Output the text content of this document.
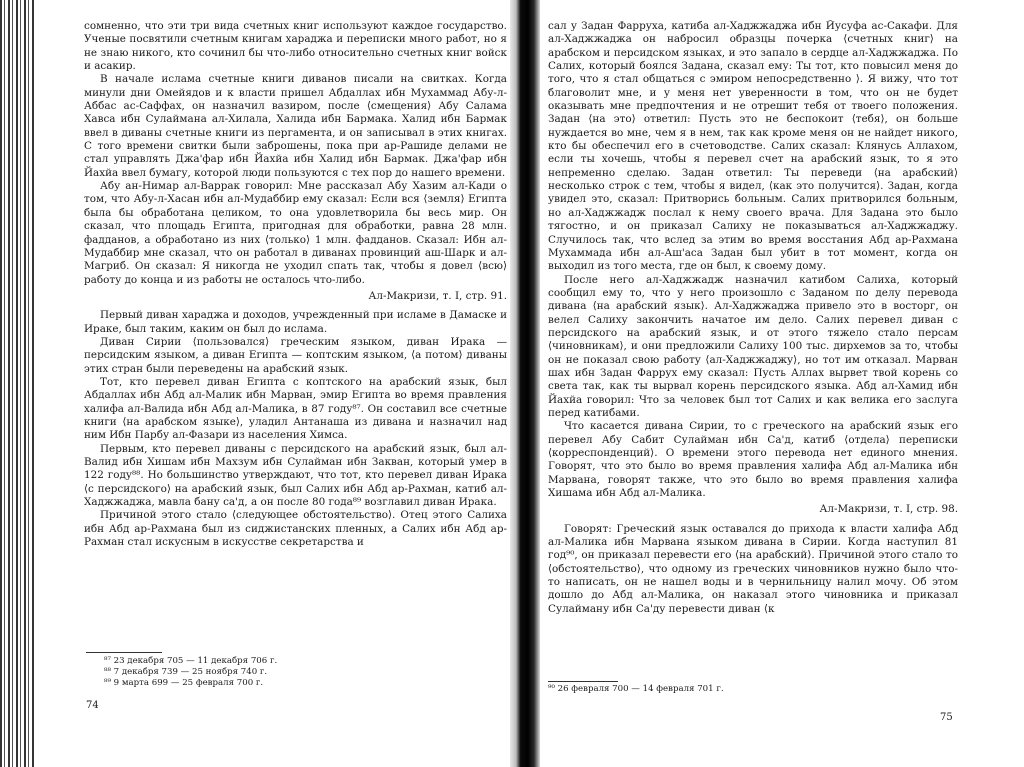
сомненно, что эти три вида счетных книг используют каждое государство. Ученые посвятили счетным книгам хараджа и переписки много работ, но я не знаю никого, кто сочинил бы что-либо относительно счетных книг войск и асакир.

В начале ислама счетные книги диванов писали на свитках. Когда минули дни Омейядов и к власти пришел Абдаллах ибн Мухаммад Абу-л-Аббас ас-Саффах, он назначил вазиром, после ⟨смещения⟩ Абу Салама Хавса ибн Сулаймана ал-Хилала, Халида ибн Бармака. Халид ибн Бармак ввел в диваны счетные книги из пергамента, и он записывал в этих книгах. С того времени свитки были заброшены, пока при ар-Рашиде делами не стал управлять Джа'фар ибн Йахйа ибн Халид ибн Бармак. Джа'фар ибн Йахйа ввел бумагу, которой люди пользуются с тех пор до нашего времени.

Абу ан-Нимар ал-Варрак говорил: Мне рассказал Абу Хазим ал-Кади о том, что Абу-л-Хасан ибн ал-Мудаббир ему сказал: Если вся ⟨земля⟩ Египта была бы обработана целиком, то она удовлетворила бы весь мир. Он сказал, что площадь Египта, пригодная для обработки, равна 28 млн. фадданов, а обработано из них ⟨только⟩ 1 млн. фадданов. Сказал: Ибн ал-Мудаббир мне сказал, что он работал в диванах провинций аш-Шарк и ал-Магриб. Он сказал: Я никогда не уходил спать так, чтобы я довел ⟨всю⟩ работу до конца и из работы не осталось что-либо.

Ал-Макризи, т. I, стр. 91.

Первый диван хараджа и доходов, учрежденный при исламе в Дамаске и Ираке, был таким, каким он был до ислама.

Диван Сирии ⟨пользовался⟩ греческим языком, диван Ирака — персидским языком, а диван Египта — коптским языком, ⟨а потом⟩ диваны этих стран были переведены на арабский язык.

Тот, кто перевел диван Египта с коптского на арабский язык, был Абдаллах ибн Абд ал-Малик ибн Марван, эмир Египта во время правления халифа ал-Валида ибн Абд ал-Малика, в 87 году⁸⁷. Он составил все счетные книги ⟨на арабском языке⟩, уладил Антанаша из дивана и назначил над ним Ибн Парбу ал-Фазари из населения Химса.

Первым, кто перевел диваны с персидского на арабский язык, был ал-Валид ибн Хишам ибн Махзум ибн Сулайман ибн Закван, который умер в 122 году⁸⁸. Но большинство утверждают, что тот, кто перевел диван Ирака ⟨с персидского⟩ на арабский язык, был Салих ибн Абд ар-Рахман, катиб ал-Хаджжаджа, мавла бану са'д, а он после 80 года⁸⁹ возглавил диван Ирака.

Причиной этого стало ⟨следующее обстоятельство⟩. Отец этого Салиха ибн Абд ар-Рахмана был из сиджистанских пленных, а Салих ибн Абд ар-Рахман стал искусным в искусстве секретарства и

⁸⁷ 23 декабря 705 — 11 декабря 706 г.
⁸⁸ 7 декабря 739 — 25 ноября 740 г.
⁸⁹ 9 марта 699 — 25 февраля 700 г.
74

сал у Задан Фарруха, катиба ал-Хаджжаджа ибн Йусуфа ас-Сакафи. Для ал-Хаджжаджа он набросил образцы почерка ⟨счетных книг⟩ на арабском и персидском языках, и это запало в сердце ал-Хаджжаджа. По Салих, который боялся Задана, сказал ему: Ты тот, кто повысил меня до того, что я стал общаться с эмиром непосредственно ⟩. Я вижу, что тот благоволит мне, и у меня нет уверенности в том, что он не будет оказывать мне предпочтения и не отрешит тебя от твоего положения. Задан ⟨на это⟩ ответил: Пусть это не беспокоит ⟨тебя⟩, он больше нуждается во мне, чем я в нем, так как кроме меня он не найдет никого, кто бы обеспечил его в счетоводстве. Салих сказал: Клянусь Аллахом, если ты хочешь, чтобы я перевел счет на арабский язык, то я это непременно сделаю. Задан ответил: Ты переведи ⟨на арабский⟩ несколько строк с тем, чтобы я видел, ⟨как это получится⟩. Задан, когда увидел это, сказал: Притворись больным. Салих притворился больным, но ал-Хаджжадж послал к нему своего врача. Для Задана это было тягостно, и он приказал Салиху не показываться ал-Хаджжаджу. Случилось так, что вслед за этим во время восстания Абд ар-Рахмана Мухаммада ибн ал-Аш'аса Задан был убит в тот момент, когда он выходил из того места, где он был, к своему дому.

После него ал-Хаджжадж назначил катибом Салиха, который сообщил ему то, что у него произошло с Заданом по делу перевода дивана ⟨на арабский язык⟩. Ал-Хаджжаджа привело это в восторг, он велел Салиху закончить начатое им дело. Салих перевел диван с персидского на арабский язык, и от этого тяжело стало персам ⟨чиновникам⟩, и они предложили Салиху 100 тыс. дирхемов за то, чтобы он не показал свою работу ⟨ал-Хаджжаджу⟩, но тот им отказал. Марван шах ибн Задан Фаррух ему сказал: Пусть Аллах вырвет твой корень со света так, как ты вырвал корень персидского языка. Абд ал-Хамид ибн Йахйа говорил: Что за человек был тот Салих и как велика его заслуга перед катибами.

Что касается дивана Сирии, то с греческого на арабский язык его перевел Абу Сабит Сулайман ибн Са'д, катиб ⟨отдела⟩ переписки ⟨корреспонденций⟩. О времени этого перевода нет единого мнения. Говорят, что это было во время правления халифа Абд ал-Малика ибн Марвана, говорят также, что это было во время правления халифа Хишама ибн Абд ал-Малика.

Ал-Макризи, т. I, стр. 98.

Говорят: Греческий язык оставался до прихода к власти халифа Абд ал-Малика ибн Марвана языком дивана в Сирии. Когда наступил 81 год⁹⁰, он приказал перевести его ⟨на арабский⟩. Причиной этого стало то ⟨обстоятельство⟩, что одному из греческих чиновников нужно было что-то написать, он не нашел воды и в чернильницу налил мочу. Об этом дошло до Абд ал-Малика, он наказал этого чиновника и приказал Сулайману ибн Са'ду перевести диван ⟨к

⁹⁰ 26 февраля 700 — 14 февраля 701 г.
75
